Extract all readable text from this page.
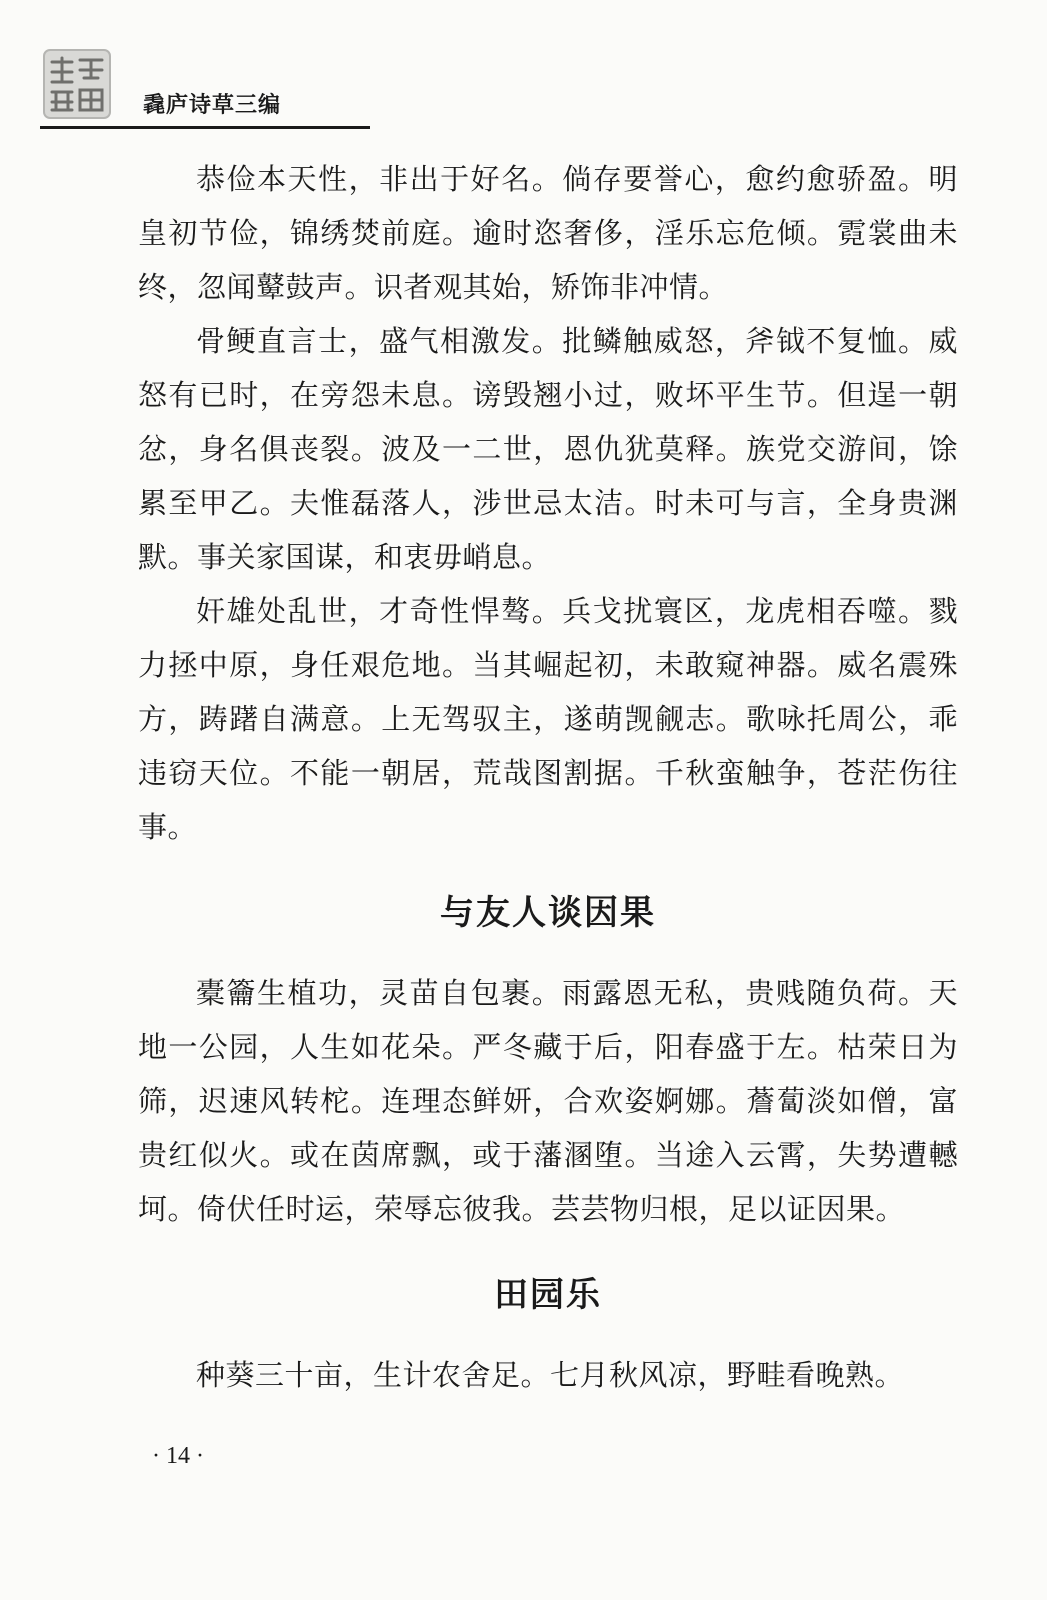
毳庐诗草三编

恭俭本天性，非出于好名。倘存要誉心，愈约愈骄盈。明皇初节俭，锦绣焚前庭。逾时恣奢侈，淫乐忘危倾。霓裳曲未终，忽闻鼙鼓声。识者观其始，矫饰非冲情。

骨鲠直言士，盛气相激发。批鳞触威怒，斧钺不复恤。威怒有已时，在旁怨未息。谤毁翘小过，败坏平生节。但逞一朝忿，身名俱丧裂。波及一二世，恩仇犹莫释。族党交游间，馀累至甲乙。夫惟磊落人，涉世忌太洁。时未可与言，全身贵渊默。事关家国谋，和衷毋峭息。

奸雄处乱世，才奇性悍骜。兵戈扰寰区，龙虎相吞噬。戮力拯中原，身任艰危地。当其崛起初，未敢窥神器。威名震殊方，踌躇自满意。上无驾驭主，遂萌觊觎志。歌咏托周公，乖违窃天位。不能一朝居，荒哉图割据。千秋蛮触争，苍茫伤往事。

与友人谈因果

橐籥生植功，灵苗自包裹。雨露恩无私，贵贱随负荷。天地一公园，人生如花朵。严冬藏于后，阳春盛于左。枯荣日为筛，迟速风转柁。连理态鲜妍，合欢姿婀娜。薝蔔淡如僧，富贵红似火。或在茵席飘，或于藩溷堕。当途入云霄，失势遭轗坷。倚伏任时运，荣辱忘彼我。芸芸物归根，足以证因果。

田园乐

种葵三十亩，生计农舍足。七月秋风凉，野畦看晚熟。

· 14 ·
